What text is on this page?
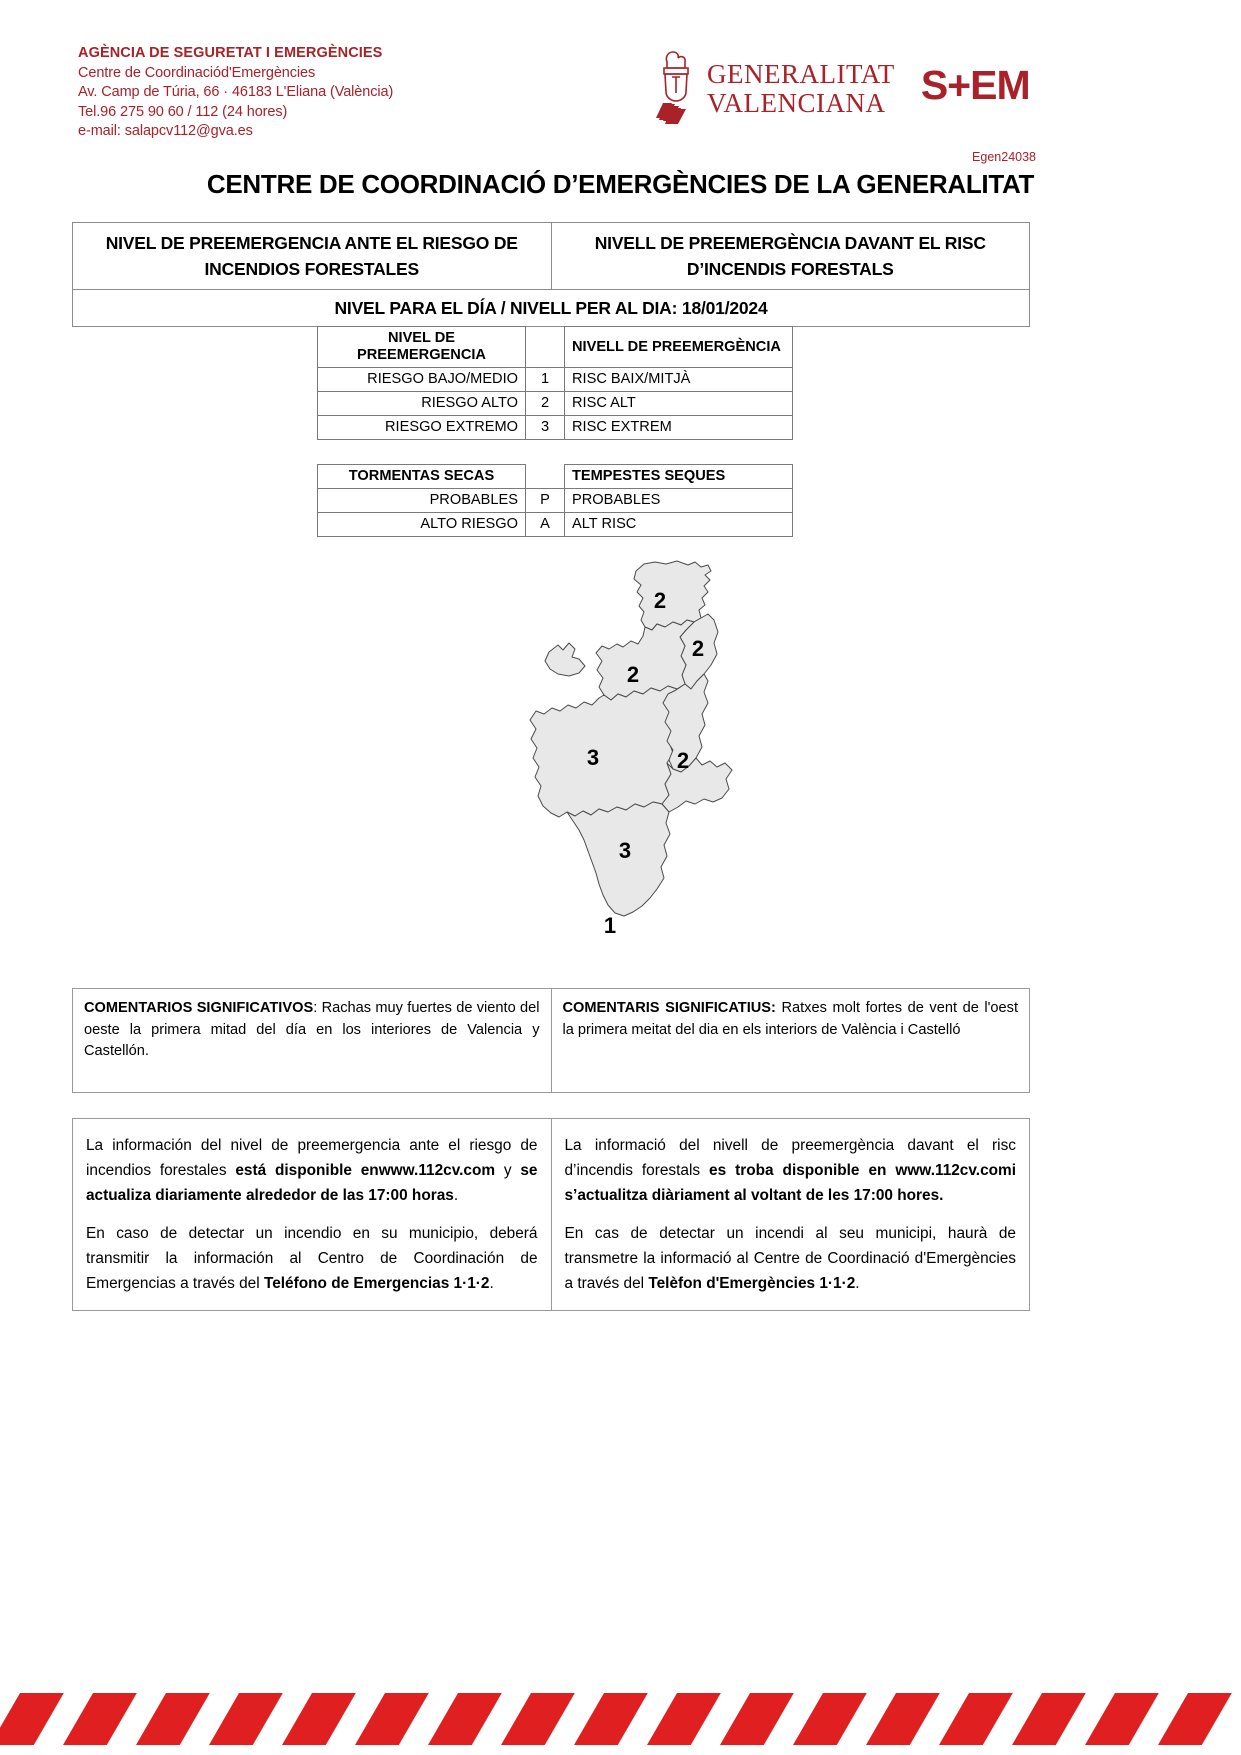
AGÈNCIA DE SEGURETAT I EMERGÈNCIES
Centre de Coordinaciód'Emergències
Av. Camp de Túria, 66 · 46183 L'Eliana (València)
Tel.96 275 90 60 / 112 (24 hores)
e-mail: salapcv112@gva.es
GENERALITAT
VALENCIANA S+EM
Egen24038
CENTRE DE COORDINACIÓ D’EMERGÈNCIES DE LA GENERALITAT
NIVEL DE PREEMERGENCIA ANTE EL RIESGO DE
INCENDIOS FORESTALES	NIVELL DE PREEMERGÈNCIA DAVANT EL RISC
D’INCENDIS FORESTALS
NIVEL PARA EL DÍA / NIVELL PER AL DIA: 18/01/2024
NIVEL DE PREEMERGENCIA		NIVELL DE PREEMERGÈNCIA
RIESGO BAJO/MEDIO	1	RISC BAIX/MITJÀ
RIESGO ALTO	2	RISC ALT
RIESGO EXTREMO	3	RISC EXTREM
TORMENTAS SECAS		TEMPESTES SEQUES
PROBABLES	P	PROBABLES
ALTO RIESGO	A	ALT RISC
2
2
2
3	2
3
1
COMENTARIOS SIGNIFICATIVOS: Rachas muy fuertes de viento del oeste la primera mitad del día en los interiores de Valencia y Castellón.	COMENTARIS SIGNIFICATIUS: Ratxes molt fortes de vent de l'oest la primera meitat del dia en els interiors de València i Castelló

La información del nivel de preemergencia ante el riesgo de incendios forestales está disponible enwww.112cv.com y se actualiza diariamente alrededor de las 17:00 horas.

En caso de detectar un incendio en su municipio, deberá transmitir la información al Centro de Coordinación de Emergencias a través del Teléfono de Emergencias 1·1·2.

La informació del nivell de preemergència davant el risc d’incendis forestals es troba disponible en www.112cv.comi s’actualitza diàriament al voltant de les 17:00 hores.

En cas de detectar un incendi al seu municipi, haurà de transmetre la informació al Centre de Coordinació d'Emergències a través del Telèfon d'Emergències 1·1·2.
